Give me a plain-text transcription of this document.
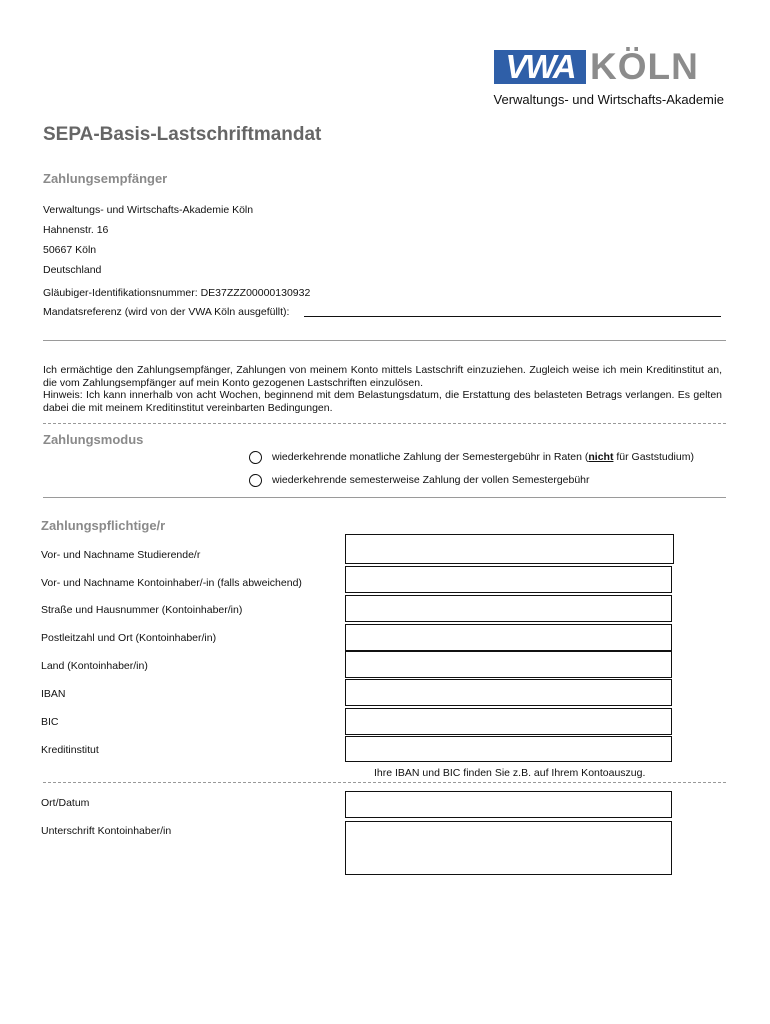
VWA KÖLN
Verwaltungs- und Wirtschafts-Akademie
SEPA-Basis-Lastschriftmandat
Zahlungsempfänger
Verwaltungs- und Wirtschafts-Akademie Köln
Hahnenstr. 16
50667 Köln
Deutschland
Gläubiger-Identifikationsnummer: DE37ZZZ00000130932
Mandatsreferenz (wird von der VWA Köln ausgefüllt):

Ich ermächtige den Zahlungsempfänger, Zahlungen von meinem Konto mittels Lastschrift einzuziehen. Zugleich weise ich mein Kreditinstitut an, die vom Zahlungsempfänger auf mein Konto gezogenen Lastschriften einzulösen.

Hinweis: Ich kann innerhalb von acht Wochen, beginnend mit dem Belastungsdatum, die Erstattung des belasteten Betrags verlangen. Es gelten dabei die mit meinem Kreditinstitut vereinbarten Bedingungen.

Zahlungsmodus
wiederkehrende monatliche Zahlung der Semestergebühr in Raten (nicht für Gaststudium)
wiederkehrende semesterweise Zahlung der vollen Semestergebühr
Zahlungspflichtige/r
Vor- und Nachname Studierende/r
Vor- und Nachname Kontoinhaber/-in (falls abweichend)
Straße und Hausnummer (Kontoinhaber/in)
Postleitzahl und Ort (Kontoinhaber/in)
Land (Kontoinhaber/in)
IBAN
BIC
Kreditinstitut
Ihre IBAN und BIC finden Sie z.B. auf Ihrem Kontoauszug.
Ort/Datum
Unterschrift Kontoinhaber/in
